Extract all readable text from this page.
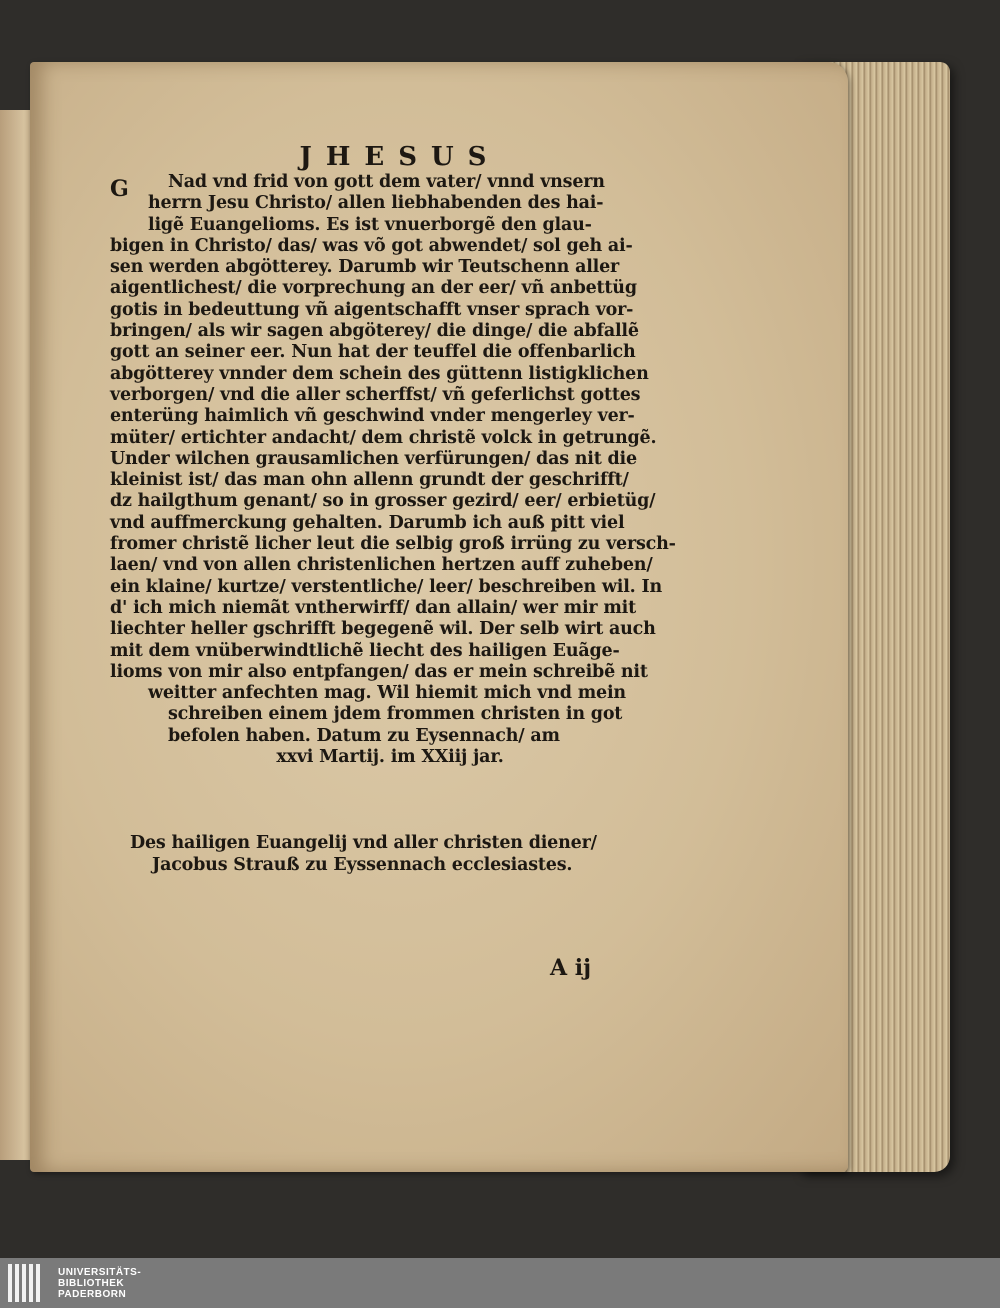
JHESUS
G	Nad vnd frid von gott dem vater/ vnnd vnsern
herrn Jesu Christo/ allen liebhabenden des hai-
ligẽ Euangelioms. Es ist vnuerborgẽ den glau-
bigen in Christo/ das/ was võ got abwendet/ sol geh ai-
sen werden abgötterey. Darumb wir Teutschenn aller
aigentlichest/ die vorprechung an der eer/ vñ anbettüg
gotis in bedeuttung vñ aigentschafft vnser sprach vor-
bringen/ als wir sagen abgöterey/ die dinge/ die abfallẽ
gott an seiner eer. Nun hat der teuffel die offenbarlich
abgötterey vnnder dem schein des güttenn listigklichen
verborgen/ vnd die aller scherffst/ vñ geferlichst gottes
enterüng haimlich vñ geschwind vnder mengerley ver-
müter/ ertichter andacht/ dem christẽ volck in getrungẽ.
Under wilchen grausamlichen verfürungen/ das nit die
kleinist ist/ das man ohn allenn grundt der geschrifft/
dz hailgthum genant/ so in grosser gezird/ eer/ erbietüg/
vnd auffmerckung gehalten. Darumb ich auß pitt viel
fromer christẽ licher leut die selbig groß irrüng zu versch-
laen/ vnd von allen christenlichen hertzen auff zuheben/
ein klaine/ kurtze/ verstentliche/ leer/ beschreiben wil. In
d' ich mich niemãt vntherwirff/ dan allain/ wer mir mit
liechter heller gschrifft begegenẽ wil. Der selb wirt auch
mit dem vnüberwindtlichẽ liecht des hailigen Euãge-
lioms von mir also entpfangen/ das er mein schreibẽ nit
weitter anfechten mag. Wil hiemit mich vnd mein
schreiben einem jdem frommen christen in got
befolen haben. Datum zu Eysennach/ am
xxvi Martij. im XXiij jar.
Des hailigen Euangelij vnd aller christen diener/
Jacobus Strauß zu Eyssennach ecclesiastes.
A ij
UNIVERSITÄTS-
BIBLIOTHEK
PADERBORN
